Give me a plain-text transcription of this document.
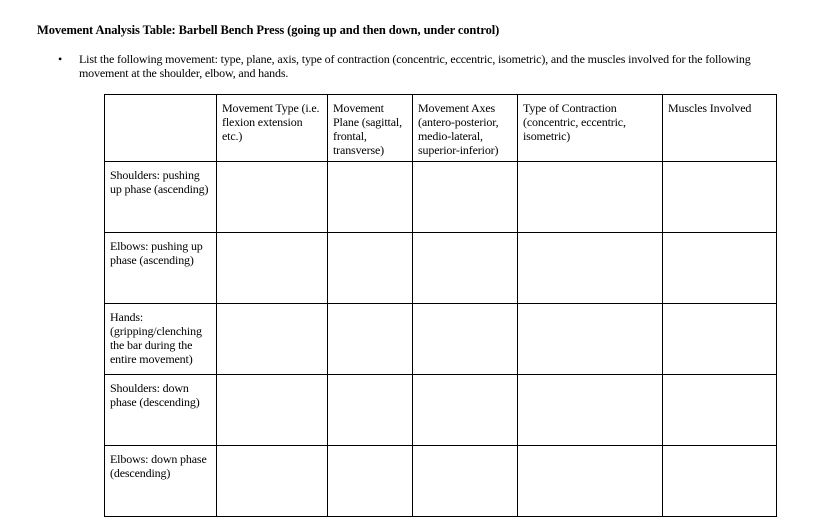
Movement Analysis Table: Barbell Bench Press (going up and then down, under control)
• List the following movement: type, plane, axis, type of contraction (concentric, eccentric, isometric), and the muscles involved for the following movement at the shoulder, elbow, and hands.
	Movement Type (i.e. flexion extension etc.)	Movement Plane (sagittal, frontal, transverse)	Movement Axes (antero-posterior, medio-lateral, superior-inferior)	Type of Contraction (concentric, eccentric, isometric)	Muscles Involved
Shoulders: pushing up phase (ascending)					
Elbows: pushing up phase (ascending)					
Hands: (gripping/clenching the bar during the entire movement)					
Shoulders: down phase (descending)					
Elbows: down phase (descending)					
